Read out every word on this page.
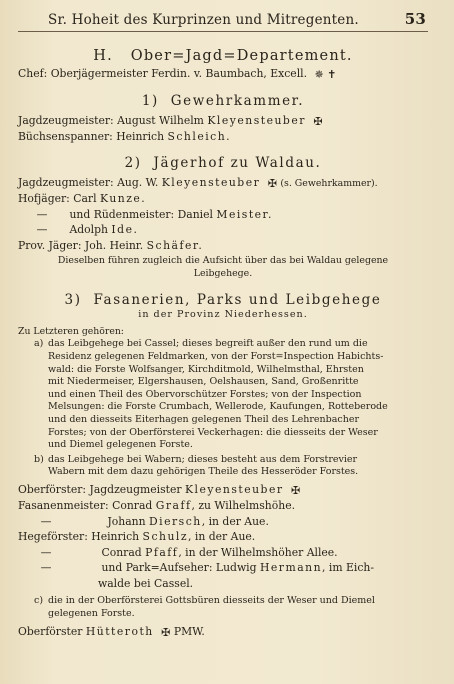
Sr. Hoheit des Kurprinzen und Mitregenten.	53
H. Ober=Jagd=Departement.
Chef: Oberjägermeister Ferdin. v. Baumbach, Excell. ✵ ✝
1) Gewehrkammer.
Jagdzeugmeister: August Wilhelm Kleyensteuber ✠
Büchsenspanner: Heinrich Schleich.
2) Jägerhof zu Waldau.
Jagdzeugmeister: Aug. W. Kleyensteuber ✠ (s. Gewehrkammer).
Hofjäger: Carl Kunze.
— und Rüdenmeister: Daniel Meister.
— Adolph Ide.
Prov. Jäger: Joh. Heinr. Schäfer.
Dieselben führen zugleich die Aufsicht über das bei Waldau gelegene
Leibgehege.
3) Fasanerien, Parks und Leibgehege
in der Provinz Niederhessen.
Zu Letzteren gehören:

a) das Leibgehege bei Cassel; dieses begreift außer den rund um die

Residenz gelegenen Feldmarken, von der Forst=Inspection Habichts-

wald: die Forste Wolfsanger, Kirchditmold, Wilhelmsthal, Ehrsten

mit Niedermeiser, Elgershausen, Oelshausen, Sand, Großenritte

und einen Theil des Obervorschützer Forstes; von der Inspection

Melsungen: die Forste Crumbach, Wellerode, Kaufungen, Rotteberode

und den diesseits Eiterhagen gelegenen Theil des Lehrenbacher

Forstes; von der Oberförsterei Veckerhagen: die diesseits der Weser

und Diemel gelegenen Forste.

b) das Leibgehege bei Wabern; dieses besteht aus dem Forstrevier

Wabern mit dem dazu gehörigen Theile des Hesseröder Forstes.

Oberförster: Jagdzeugmeister Kleyensteuber ✠
Fasanenmeister: Conrad Graff, zu Wilhelmshöhe.
—	Johann Diersch, in der Aue.
Hegeförster: Heinrich Schulz, in der Aue.
—	Conrad Pfaff, in der Wilhelmshöher Allee.
—	und Park=Aufseher: Ludwig Hermann, im Eich-
walde bei Cassel.

c) die in der Oberförsterei Gottsbüren diesseits der Weser und Diemel

gelegenen Forste.

Oberförster Hütteroth ✠ PMW.
